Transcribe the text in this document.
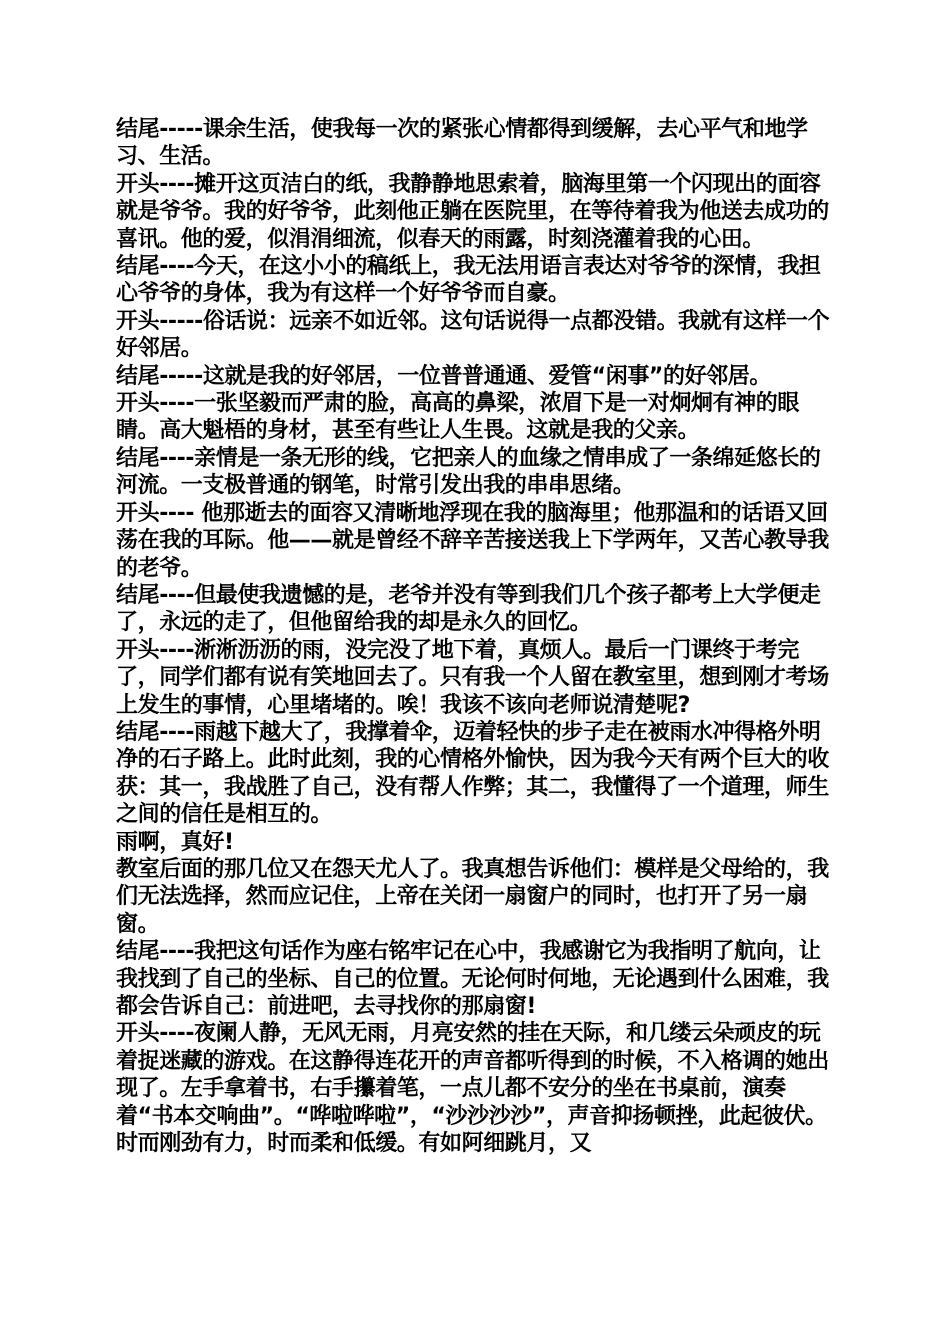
结尾-----课余生活，使我每一次的紧张心情都得到缓解，去心平气和地学习、生活。

开头----摊开这页洁白的纸，我静静地思索着，脑海里第一个闪现出的面容就是爷爷。我的好爷爷，此刻他正躺在医院里，在等待着我为他送去成功的喜讯。他的爱，似涓涓细流，似春天的雨露，时刻浇灌着我的心田。

结尾----今天，在这小小的稿纸上，我无法用语言表达对爷爷的深情，我担心爷爷的身体，我为有这样一个好爷爷而自豪。

开头-----俗话说：远亲不如近邻。这句话说得一点都没错。我就有这样一个好邻居。

结尾-----这就是我的好邻居，一位普普通通、爱管“闲事”的好邻居。

开头----一张坚毅而严肃的脸，高高的鼻梁，浓眉下是一对炯炯有神的眼睛。高大魁梧的身材，甚至有些让人生畏。这就是我的父亲。

结尾----亲情是一条无形的线，它把亲人的血缘之情串成了一条绵延悠长的河流。一支极普通的钢笔，时常引发出我的串串思绪。

开头---- 他那逝去的面容又清晰地浮现在我的脑海里；他那温和的话语又回荡在我的耳际。他——就是曾经不辞辛苦接送我上下学两年，又苦心教导我的老爷。

结尾----但最使我遗憾的是，老爷并没有等到我们几个孩子都考上大学便走了，永远的走了，但他留给我的却是永久的回忆。

开头----淅淅沥沥的雨，没完没了地下着，真烦人。最后一门课终于考完了，同学们都有说有笑地回去了。只有我一个人留在教室里，想到刚才考场上发生的事情，心里堵堵的。唉！我该不该向老师说清楚呢?

结尾----雨越下越大了，我撑着伞，迈着轻快的步子走在被雨水冲得格外明净的石子路上。此时此刻，我的心情格外愉快，因为我今天有两个巨大的收获：其一，我战胜了自己，没有帮人作弊；其二，我懂得了一个道理，师生之间的信任是相互的。

雨啊，真好!

教室后面的那几位又在怨天尤人了。我真想告诉他们：模样是父母给的，我们无法选择，然而应记住，上帝在关闭一扇窗户的同时，也打开了另一扇窗。

结尾----我把这句话作为座右铭牢记在心中，我感谢它为我指明了航向，让我找到了自己的坐标、自己的位置。无论何时何地，无论遇到什么困难，我都会告诉自己：前进吧，去寻找你的那扇窗!

开头----夜阑人静，无风无雨，月亮安然的挂在天际，和几缕云朵顽皮的玩着捉迷藏的游戏。在这静得连花开的声音都听得到的时候，不入格调的她出现了。左手拿着书，右手攥着笔，一点儿都不安分的坐在书桌前，演奏着“书本交响曲”。“哗啦哗啦”，“沙沙沙沙”，声音抑扬顿挫，此起彼伏。时而刚劲有力，时而柔和低缓。有如阿细跳月，又
